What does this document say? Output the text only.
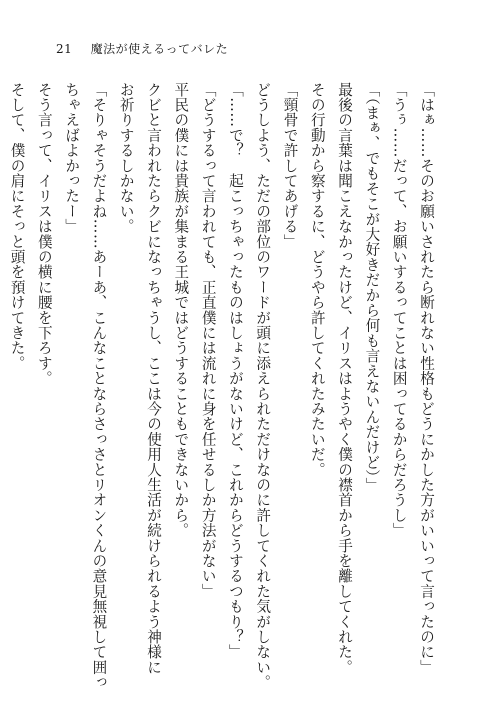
21 魔法が使えるってバレた
「はぁ……そのお願いされたら断れない性格もどうにかした方がいいって言ったのに」
「うぅ……だって、お願いするってことは困ってるからだろうし」
「（まぁ、でもそこが大好きだから何も言えないんだけど）」
最後の言葉は聞こえなかったけど、イリスはようやく僕の襟首から手を離してくれた。
その行動から察するに、どうやら許してくれたみたいだ。
「頸骨で許してあげる」
どうしよう、ただの部位のワードが頭に添えられただけなのに許してくれた気がしない。
「……で？　起こっちゃったものはしょうがないけど、これからどうするつもり？」
「どうするって言われても、正直僕には流れに身を任せるしか方法がない」
平民の僕には貴族が集まる王城ではどうすることもできないから。
クビと言われたらクビになっちゃうし、ここは今の使用人生活が続けられるよう神様に
お祈りするしかない。
「そりゃそうだよね……あーあ、こんなことならさっさとリオンくんの意見無視して囲っ
ちゃえばよかったー」
そう言って、イリスは僕の横に腰を下ろす。
そして、僕の肩にそっと頭を預けてきた。
